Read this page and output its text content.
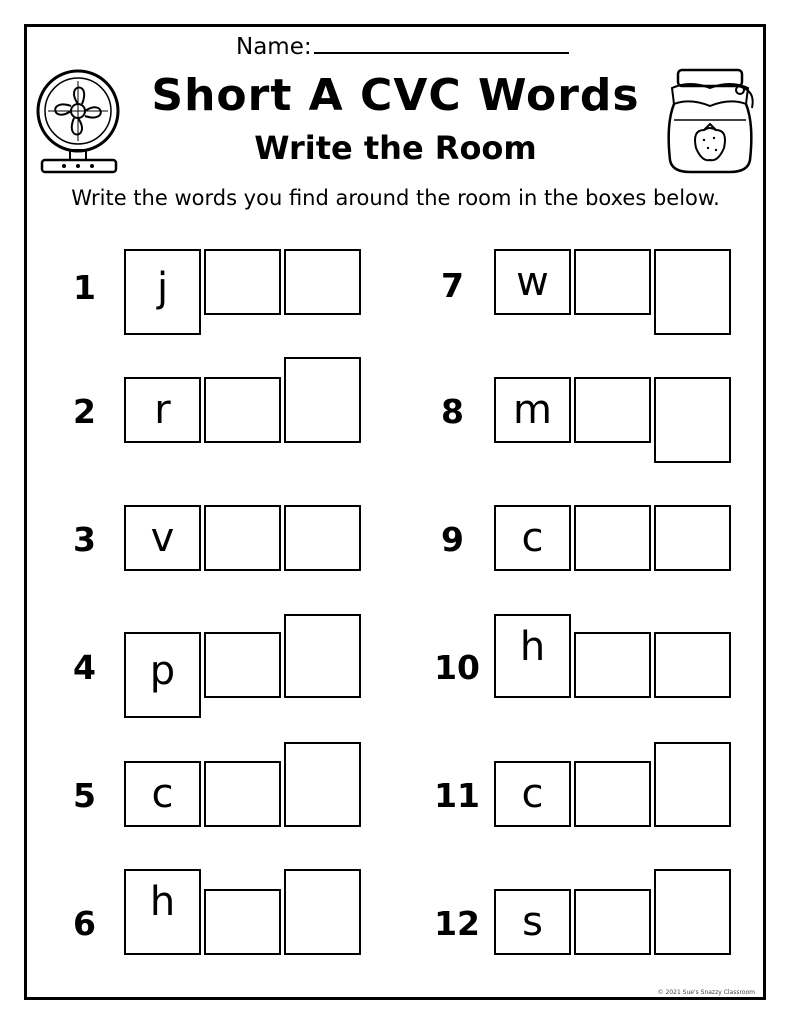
Name:
Short A CVC Words
Write the Room
Write the words you find around the room in the boxes below.
1	j	7	w
2	r	8	m
3	v	9	c
4	p	10 h
5	c	11	c
6	h	12	s
© 2021 Sue's Snazzy Classroom
